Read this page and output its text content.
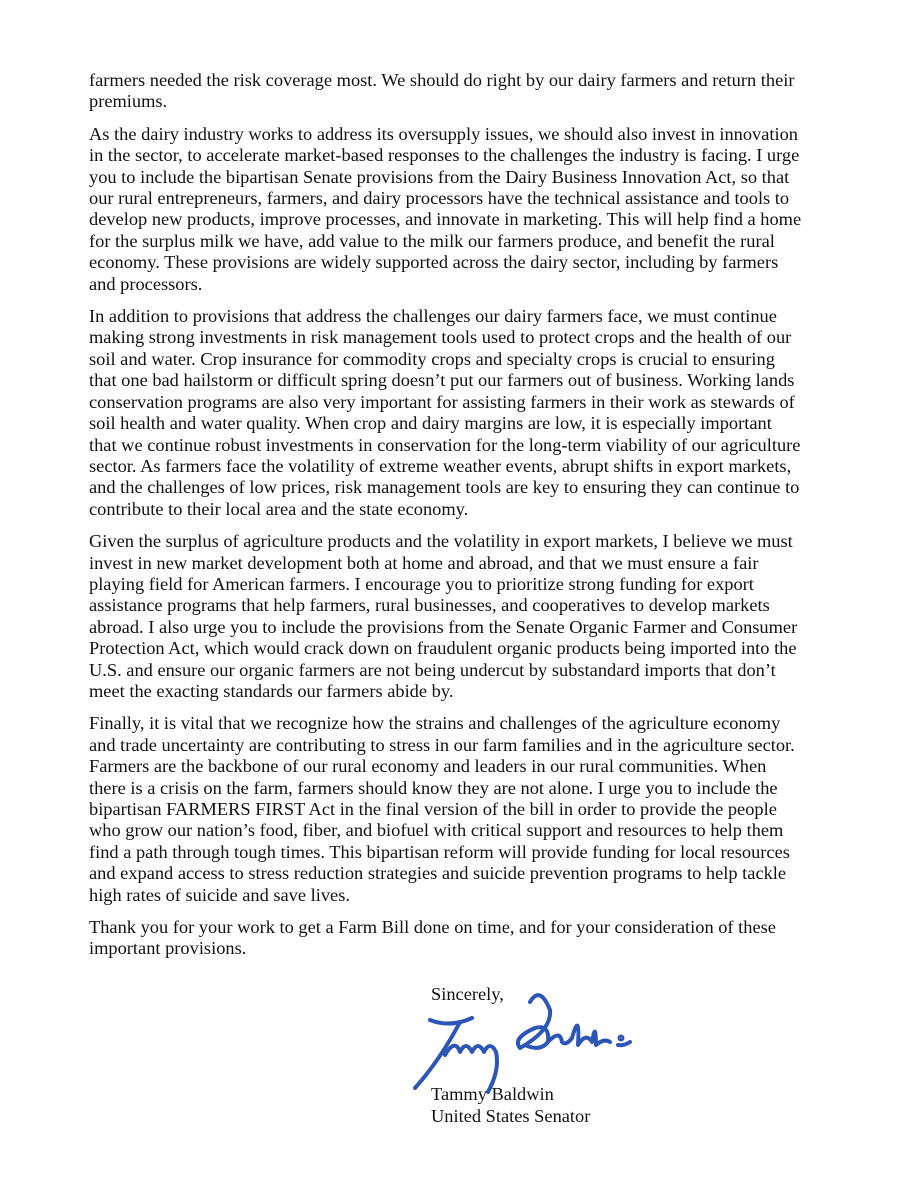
farmers needed the risk coverage most. We should do right by our dairy farmers and return their
premiums.
As the dairy industry works to address its oversupply issues, we should also invest in innovation
in the sector, to accelerate market-based responses to the challenges the industry is facing. I urge
you to include the bipartisan Senate provisions from the Dairy Business Innovation Act, so that
our rural entrepreneurs, farmers, and dairy processors have the technical assistance and tools to
develop new products, improve processes, and innovate in marketing. This will help find a home
for the surplus milk we have, add value to the milk our farmers produce, and benefit the rural
economy. These provisions are widely supported across the dairy sector, including by farmers
and processors.
In addition to provisions that address the challenges our dairy farmers face, we must continue
making strong investments in risk management tools used to protect crops and the health of our
soil and water. Crop insurance for commodity crops and specialty crops is crucial to ensuring
that one bad hailstorm or difficult spring doesn’t put our farmers out of business. Working lands
conservation programs are also very important for assisting farmers in their work as stewards of
soil health and water quality. When crop and dairy margins are low, it is especially important
that we continue robust investments in conservation for the long-term viability of our agriculture
sector. As farmers face the volatility of extreme weather events, abrupt shifts in export markets,
and the challenges of low prices, risk management tools are key to ensuring they can continue to
contribute to their local area and the state economy.
Given the surplus of agriculture products and the volatility in export markets, I believe we must
invest in new market development both at home and abroad, and that we must ensure a fair
playing field for American farmers. I encourage you to prioritize strong funding for export
assistance programs that help farmers, rural businesses, and cooperatives to develop markets
abroad. I also urge you to include the provisions from the Senate Organic Farmer and Consumer
Protection Act, which would crack down on fraudulent organic products being imported into the
U.S. and ensure our organic farmers are not being undercut by substandard imports that don’t
meet the exacting standards our farmers abide by.
Finally, it is vital that we recognize how the strains and challenges of the agriculture economy
and trade uncertainty are contributing to stress in our farm families and in the agriculture sector.
Farmers are the backbone of our rural economy and leaders in our rural communities. When
there is a crisis on the farm, farmers should know they are not alone. I urge you to include the
bipartisan FARMERS FIRST Act in the final version of the bill in order to provide the people
who grow our nation’s food, fiber, and biofuel with critical support and resources to help them
find a path through tough times. This bipartisan reform will provide funding for local resources
and expand access to stress reduction strategies and suicide prevention programs to help tackle
high rates of suicide and save lives.
Thank you for your work to get a Farm Bill done on time, and for your consideration of these
important provisions.
Sincerely,
Tammy Baldwin
United States Senator
